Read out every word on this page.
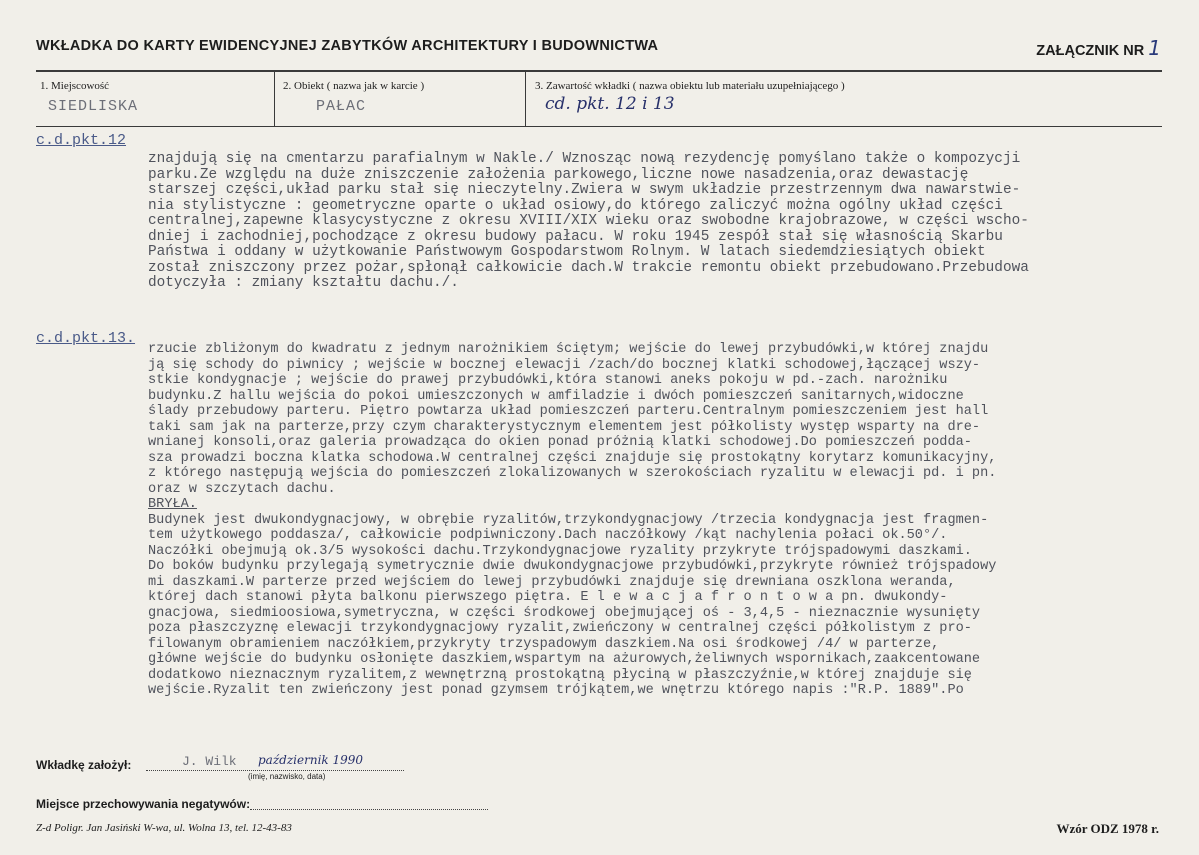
WKŁADKA DO KARTY EWIDENCYJNEJ ZABYTKÓW ARCHITEKTURY I BUDOWNICTWA	ZAŁĄCZNIK NR 1
1. Miejscowość
SIEDLISKA
2. Obiekt ( nazwa jak w karcie )
PAŁAC
3. Zawartość wkładki ( nazwa obiektu lub materiału uzupełniającego )
cd. pkt. 12 i 13
c.d.pkt.12
znajdują się na cmentarzu parafialnym w Nakle./ Wznosząc nową rezydencję pomyślano także o kompozycji
parku.Ze względu na duże zniszczenie założenia parkowego,liczne nowe nasadzenia,oraz dewastację
starszej części,układ parku stał się nieczytelny.Zwiera w swym układzie przestrzennym dwa nawarstwie-
nia stylistyczne : geometryczne oparte o układ osiowy,do którego zaliczyć można ogólny układ części
centralnej,zapewne klasycystyczne z okresu XVIII/XIX wieku oraz swobodne krajobrazowe, w części wscho-
dniej i zachodniej,pochodzące z okresu budowy pałacu. W roku 1945 zespół stał się własnością Skarbu
Państwa i oddany w użytkowanie Państwowym Gospodarstwom Rolnym. W latach siedemdziesiątych obiekt
został zniszczony przez pożar,spłonął całkowicie dach.W trakcie remontu obiekt przebudowano.Przebudowa
dotyczyła : zmiany kształtu dachu./.
c.d.pkt.13.
rzucie zbliżonym do kwadratu z jednym narożnikiem ściętym; wejście do lewej przybudówki,w której znajdu
ją się schody do piwnicy ; wejście w bocznej elewacji /zach/do bocznej klatki schodowej,łączącej wszy-
stkie kondygnacje ; wejście do prawej przybudówki,która stanowi aneks pokoju w pd.-zach. narożniku
budynku.Z hallu wejścia do pokoi umieszczonych w amfiladzie i dwóch pomieszczeń sanitarnych,widoczne
ślady przebudowy parteru. Piętro powtarza układ pomieszczeń parteru.Centralnym pomieszczeniem jest hall
taki sam jak na parterze,przy czym charakterystycznym elementem jest półkolisty występ wsparty na dre-
wnianej konsoli,oraz galeria prowadząca do okien ponad próżnią klatki schodowej.Do pomieszczeń podda-
sza prowadzi boczna klatka schodowa.W centralnej części znajduje się prostokątny korytarz komunikacyjny,
z którego następują wejścia do pomieszczeń zlokalizowanych w szerokościach ryzalitu w elewacji pd. i pn.
oraz w szczytach dachu.
BRYŁA.
Budynek jest dwukondygnacjowy, w obrębie ryzalitów,trzykondygnacjowy /trzecia kondygnacja jest fragmen-
tem użytkowego poddasza/, całkowicie podpiwniczony.Dach naczółkowy /kąt nachylenia połaci ok.50°/.
Naczółki obejmują ok.3/5 wysokości dachu.Trzykondygnacjowe ryzality przykryte trójspadowymi daszkami.
Do boków budynku przylegają symetrycznie dwie dwukondygnacjowe przybudówki,przykryte również trójspadowy
mi daszkami.W parterze przed wejściem do lewej przybudówki znajduje się drewniana oszklona weranda,
której dach stanowi płyta balkonu pierwszego piętra. E l e w a c j a f r o n t o w a pn. dwukondy-
gnacjowa, siedmioosiowa,symetryczna, w części środkowej obejmującej oś - 3,4,5 - nieznacznie wysunięty
poza płaszczyznę elewacji trzykondygnacjowy ryzalit,zwieńczony w centralnej części półkolistym z pro-
filowanym obramieniem naczółkiem,przykryty trzyspadowym daszkiem.Na osi środkowej /4/ w parterze,
główne wejście do budynku osłonięte daszkiem,wspartym na ażurowych,żeliwnych wspornikach,zaakcentowane
dodatkowo nieznacznym ryzalitem,z wewnętrzną prostokątną płyciną w płaszczyźnie,w której znajduje się
wejście.Ryzalit ten zwieńczony jest ponad gzymsem trójkątem,we wnętrzu którego napis :"R.P. 1889".Po
Wkładkę założył:	J. Wilk październik 1990
(imię, nazwisko, data)
Miejsce przechowywania negatywów:
Z-d Poligr. Jan Jasiński W-wa, ul. Wolna 13, tel. 12-43-83	Wzór ODZ 1978 r.
